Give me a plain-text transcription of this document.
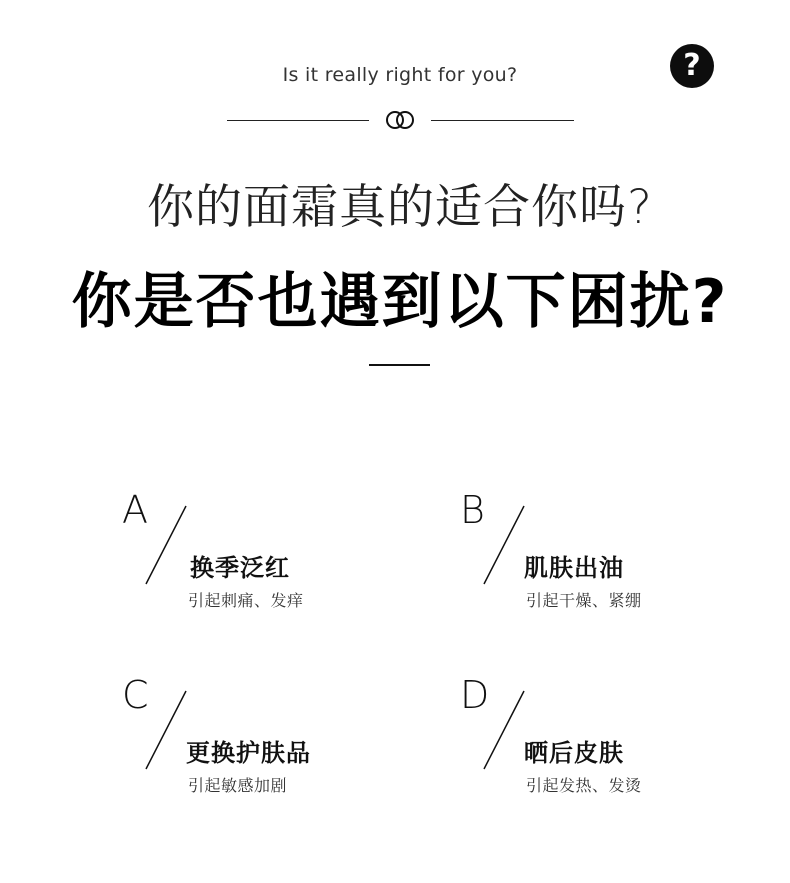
Is it really right for you?	?
你的面霜真的适合你吗?
你是否也遇到以下困扰?
A
换季泛红
引起刺痛、发痒
B
肌肤出油
引起干燥、紧绷
C
更换护肤品
引起敏感加剧
D
晒后皮肤
引起发热、发烫
